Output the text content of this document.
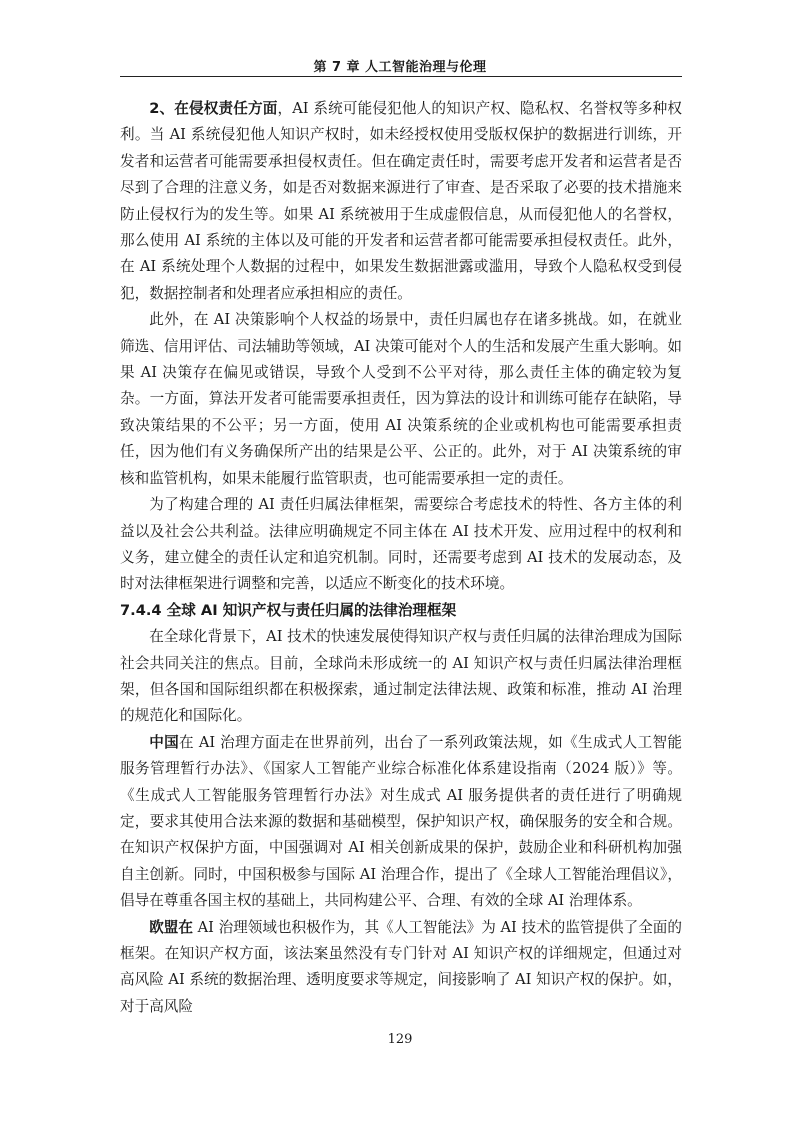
第 7 章 人工智能治理与伦理

2、在侵权责任方面，AI 系统可能侵犯他人的知识产权、隐私权、名誉权等多种权利。当 AI 系统侵犯他人知识产权时，如未经授权使用受版权保护的数据进行训练，开发者和运营者可能需要承担侵权责任。但在确定责任时，需要考虑开发者和运营者是否尽到了合理的注意义务，如是否对数据来源进行了审查、是否采取了必要的技术措施来防止侵权行为的发生等。如果 AI 系统被用于生成虚假信息，从而侵犯他人的名誉权，那么使用 AI 系统的主体以及可能的开发者和运营者都可能需要承担侵权责任。此外，在 AI 系统处理个人数据的过程中，如果发生数据泄露或滥用，导致个人隐私权受到侵犯，数据控制者和处理者应承担相应的责任。

此外，在 AI 决策影响个人权益的场景中，责任归属也存在诸多挑战。如，在就业筛选、信用评估、司法辅助等领域，AI 决策可能对个人的生活和发展产生重大影响。如果 AI 决策存在偏见或错误，导致个人受到不公平对待，那么责任主体的确定较为复杂。一方面，算法开发者可能需要承担责任，因为算法的设计和训练可能存在缺陷，导致决策结果的不公平；另一方面，使用 AI 决策系统的企业或机构也可能需要承担责任，因为他们有义务确保所产出的结果是公平、公正的。此外，对于 AI 决策系统的审核和监管机构，如果未能履行监管职责，也可能需要承担一定的责任。

为了构建合理的 AI 责任归属法律框架，需要综合考虑技术的特性、各方主体的利益以及社会公共利益。法律应明确规定不同主体在 AI 技术开发、应用过程中的权利和义务，建立健全的责任认定和追究机制。同时，还需要考虑到 AI 技术的发展动态，及时对法律框架进行调整和完善，以适应不断变化的技术环境。

7.4.4 全球 AI 知识产权与责任归属的法律治理框架

在全球化背景下，AI 技术的快速发展使得知识产权与责任归属的法律治理成为国际社会共同关注的焦点。目前，全球尚未形成统一的 AI 知识产权与责任归属法律治理框架，但各国和国际组织都在积极探索，通过制定法律法规、政策和标准，推动 AI 治理的规范化和国际化。

中国在 AI 治理方面走在世界前列，出台了一系列政策法规，如《生成式人工智能服务管理暂行办法》、《国家人工智能产业综合标准化体系建设指南（2024 版）》等。《生成式人工智能服务管理暂行办法》对生成式 AI 服务提供者的责任进行了明确规定，要求其使用合法来源的数据和基础模型，保护知识产权，确保服务的安全和合规。在知识产权保护方面，中国强调对 AI 相关创新成果的保护，鼓励企业和科研机构加强自主创新。同时，中国积极参与国际 AI 治理合作，提出了《全球人工智能治理倡议》，倡导在尊重各国主权的基础上，共同构建公平、合理、有效的全球 AI 治理体系。

欧盟在 AI 治理领域也积极作为，其《人工智能法》为 AI 技术的监管提供了全面的框架。在知识产权方面，该法案虽然没有专门针对 AI 知识产权的详细规定，但通过对高风险 AI 系统的数据治理、透明度要求等规定，间接影响了 AI 知识产权的保护。如，对于高风险

129
